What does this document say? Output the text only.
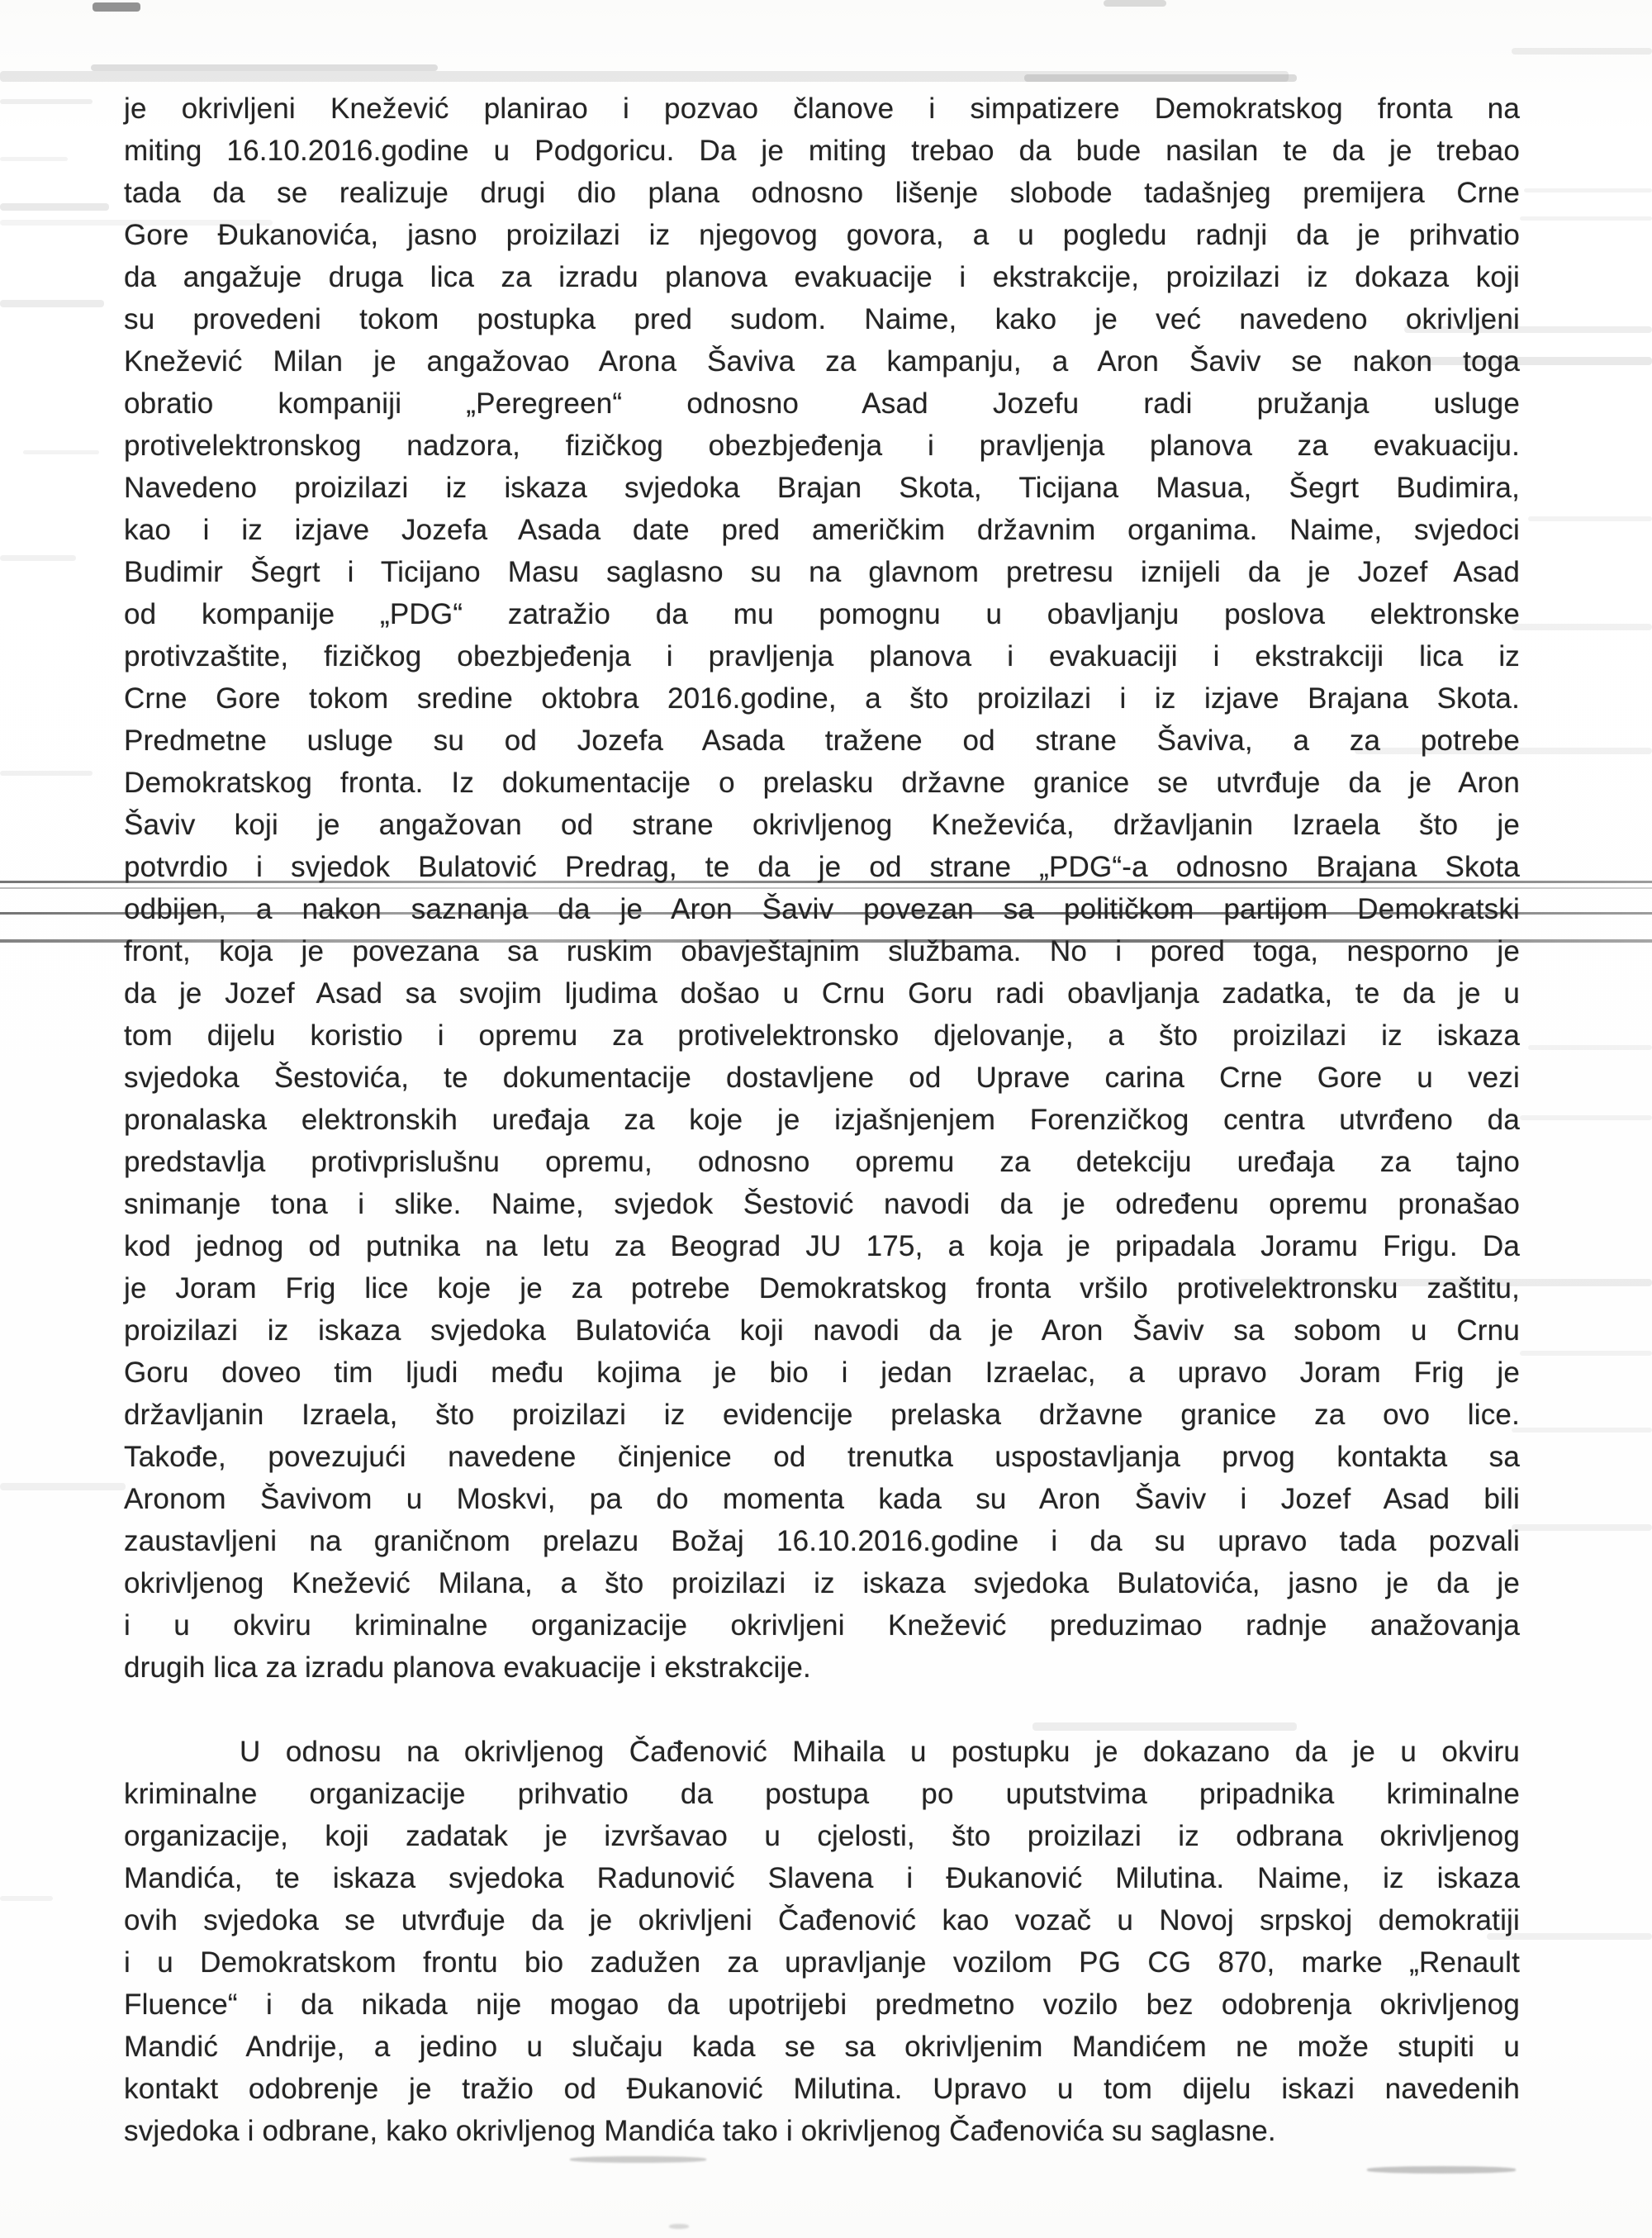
je okrivljeni Knežević planirao i pozvao članove i simpatizere Demokratskog fronta na
miting 16.10.2016.godine u Podgoricu. Da je miting trebao da bude nasilan te da je trebao
tada da se realizuje drugi dio plana odnosno lišenje slobode tadašnjeg premijera Crne
Gore Đukanovića, jasno proizilazi iz njegovog govora, a u pogledu radnji da je prihvatio
da angažuje druga lica za izradu planova evakuacije i ekstrakcije, proizilazi iz dokaza koji
su provedeni tokom postupka pred sudom. Naime, kako je već navedeno okrivljeni
Knežević Milan je angažovao Arona Šaviva za kampanju, a Aron Šaviv se nakon toga
obratio kompaniji „Peregreen“ odnosno Asad Jozefu radi pružanja usluge
protivelektronskog nadzora, fizičkog obezbjeđenja i pravljenja planova za evakuaciju.
Navedeno proizilazi iz iskaza svjedoka Brajan Skota, Ticijana Masua, Šegrt Budimira,
kao i iz izjave Jozefa Asada date pred američkim državnim organima. Naime, svjedoci
Budimir Šegrt i Ticijano Masu saglasno su na glavnom pretresu iznijeli da je Jozef Asad
od kompanije „PDG“ zatražio da mu pomognu u obavljanju poslova elektronske
protivzaštite, fizičkog obezbjeđenja i pravljenja planova i evakuaciji i ekstrakciji lica iz
Crne Gore tokom sredine oktobra 2016.godine, a što proizilazi i iz izjave Brajana Skota.
Predmetne usluge su od Jozefa Asada tražene od strane Šaviva, a za potrebe
Demokratskog fronta. Iz dokumentacije o prelasku državne granice se utvrđuje da je Aron
Šaviv koji je angažovan od strane okrivljenog Kneževića, državljanin Izraela što je
potvrdio i svjedok Bulatović Predrag, te da je od strane „PDG“-a odnosno Brajana Skota
odbijen, a nakon saznanja da je Aron Šaviv povezan sa političkom partijom Demokratski
front, koja je povezana sa ruskim obavještajnim službama. No i pored toga, nesporno je
da je Jozef Asad sa svojim ljudima došao u Crnu Goru radi obavljanja zadatka, te da je u
tom dijelu koristio i opremu za protivelektronsko djelovanje, a što proizilazi iz iskaza
svjedoka Šestovića, te dokumentacije dostavljene od Uprave carina Crne Gore u vezi
pronalaska elektronskih uređaja za koje je izjašnjenjem Forenzičkog centra utvrđeno da
predstavlja protivprislušnu opremu, odnosno opremu za detekciju uređaja za tajno
snimanje tona i slike. Naime, svjedok Šestović navodi da je određenu opremu pronašao
kod jednog od putnika na letu za Beograd JU 175, a koja je pripadala Joramu Frigu. Da
je Joram Frig lice koje je za potrebe Demokratskog fronta vršilo protivelektronsku zaštitu,
proizilazi iz iskaza svjedoka Bulatovića koji navodi da je Aron Šaviv sa sobom u Crnu
Goru doveo tim ljudi među kojima je bio i jedan Izraelac, a upravo Joram Frig je
državljanin Izraela, što proizilazi iz evidencije prelaska državne granice za ovo lice.
Takođe, povezujući navedene činjenice od trenutka uspostavljanja prvog kontakta sa
Aronom Šavivom u Moskvi, pa do momenta kada su Aron Šaviv i Jozef Asad bili
zaustavljeni na graničnom prelazu Božaj 16.10.2016.godine i da su upravo tada pozvali
okrivljenog Knežević Milana, a što proizilazi iz iskaza svjedoka Bulatovića, jasno je da je
i u okviru kriminalne organizacije okrivljeni Knežević preduzimao radnje anažovanja
drugih lica za izradu planova evakuacije i ekstrakcije.
U odnosu na okrivljenog Čađenović Mihaila u postupku je dokazano da je u okviru
kriminalne organizacije prihvatio da postupa po uputstvima pripadnika kriminalne
organizacije, koji zadatak je izvršavao u cjelosti, što proizilazi iz odbrana okrivljenog
Mandića, te iskaza svjedoka Radunović Slavena i Đukanović Milutina. Naime, iz iskaza
ovih svjedoka se utvrđuje da je okrivljeni Čađenović kao vozač u Novoj srpskoj demokratiji
i u Demokratskom frontu bio zadužen za upravljanje vozilom PG CG 870, marke „Renault
Fluence“ i da nikada nije mogao da upotrijebi predmetno vozilo bez odobrenja okrivljenog
Mandić Andrije, a jedino u slučaju kada se sa okrivljenim Mandićem ne može stupiti u
kontakt odobrenje je tražio od Đukanović Milutina. Upravo u tom dijelu iskazi navedenih
svjedoka i odbrane, kako okrivljenog Mandića tako i okrivljenog Čađenovića su saglasne.
